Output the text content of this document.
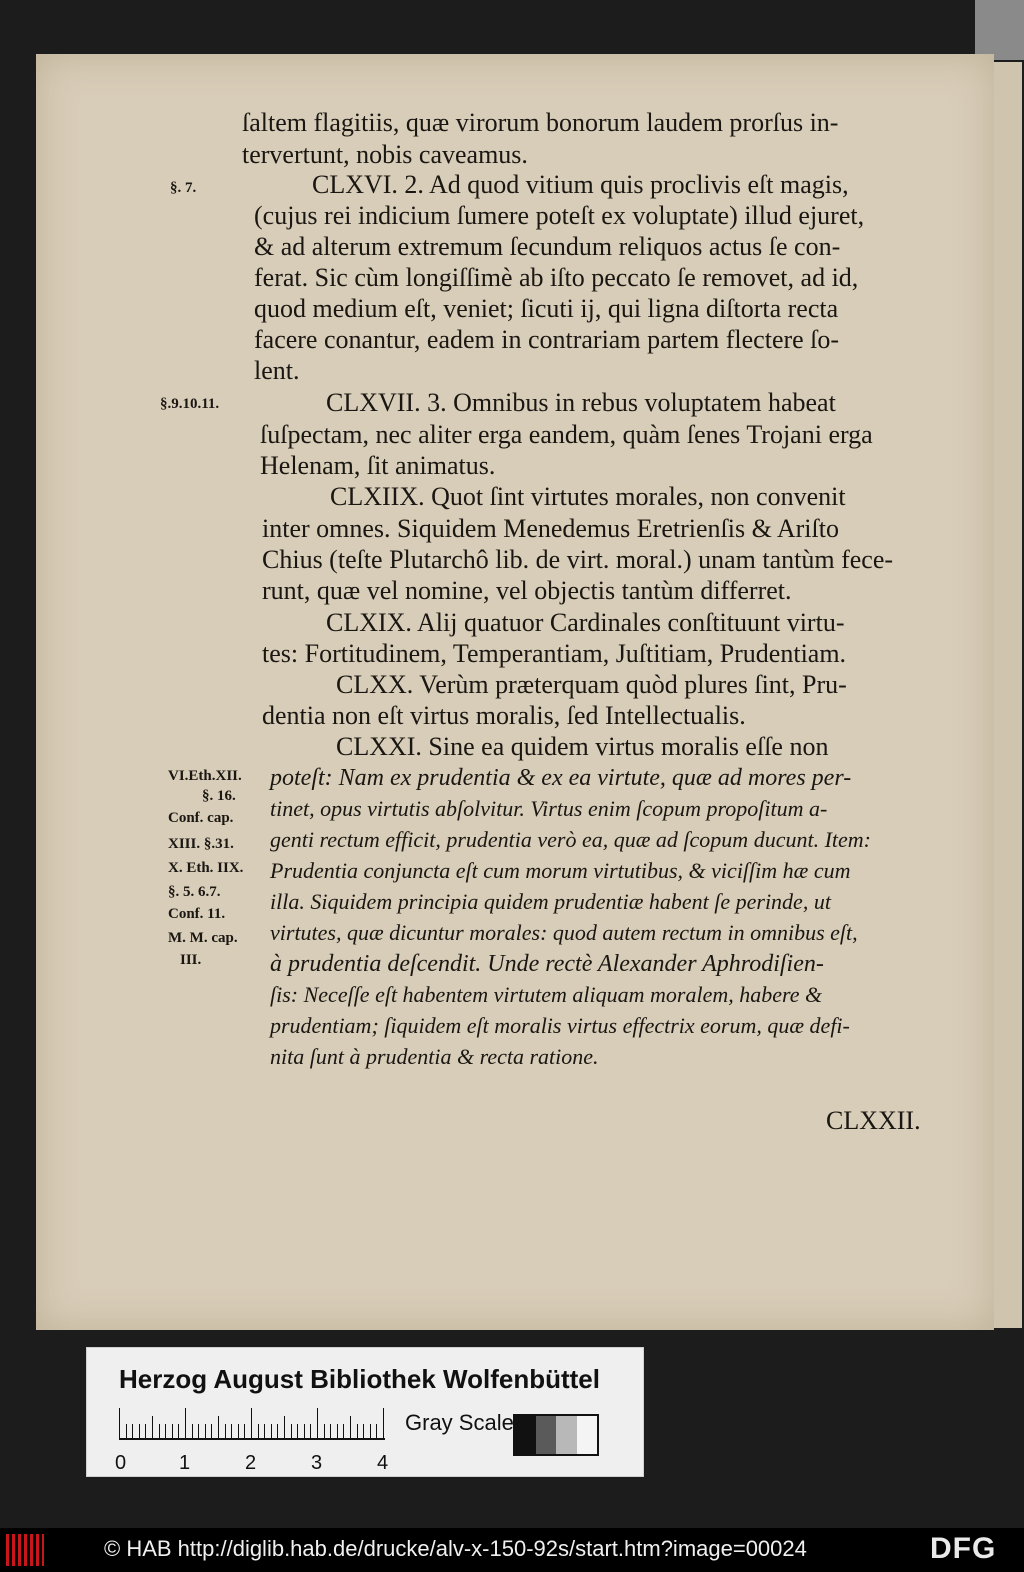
ſaltem flagitiis, quæ virorum bonorum laudem prorſus in-
tervertunt, nobis caveamus.
CLXVI. 2. Ad quod vitium quis proclivis eſt magis,
(cujus rei indicium ſumere poteſt ex voluptate) illud ejuret,
& ad alterum extremum ſecundum reliquos actus ſe con-
ferat. Sic cùm longiſſimè ab iſto peccato ſe removet, ad id,
quod medium eſt, veniet; ſicuti ij, qui ligna diſtorta recta
facere conantur, eadem in contrariam partem flectere ſo-
lent.
CLXVII. 3. Omnibus in rebus voluptatem habeat
ſuſpectam, nec aliter erga eandem, quàm ſenes Trojani erga
Helenam, ſit animatus.
CLXIIX. Quot ſint virtutes morales, non convenit
inter omnes. Siquidem Menedemus Eretrienſis & Ariſto
Chius (teſte Plutarchô lib. de virt. moral.) unam tantùm fece-
runt, quæ vel nomine, vel objectis tantùm differret.
CLXIX. Alij quatuor Cardinales conſtituunt virtu-
tes: Fortitudinem, Temperantiam, Juſtitiam, Prudentiam.
CLXX. Verùm præterquam quòd plures ſint, Pru-
dentia non eſt virtus moralis, ſed Intellectualis.
CLXXI. Sine ea quidem virtus moralis eſſe non
poteſt: Nam ex prudentia & ex ea virtute, quæ ad mores per-
tinet, opus virtutis abſolvitur. Virtus enim ſcopum propoſitum a-
genti rectum efficit, prudentia verò ea, quæ ad ſcopum ducunt. Item:
Prudentia conjuncta eſt cum morum virtutibus, & viciſſim hæ cum
illa. Siquidem principia quidem prudentiæ habent ſe perinde, ut
virtutes, quæ dicuntur morales: quod autem rectum in omnibus eſt,
à prudentia deſcendit. Unde rectè Alexander Aphrodiſien-
ſis: Neceſſe eſt habentem virtutem aliquam moralem, habere &
prudentiam; ſiquidem eſt moralis virtus effectrix eorum, quæ defi-
nita ſunt à prudentia & recta ratione.
§. 7.
§.9.10.11.
VI.Eth.XII.
§. 16.
Conf. cap.
XIII. §.31.
X. Eth. IIX.
§. 5. 6.7.
Conf. 11.
M. M. cap.
III.
CLXXII.
Herzog August Bibliothek Wolfenbüttel
0	1	2	3	4
Gray Scale
© HAB http://diglib.hab.de/drucke/alv-x-150-92s/start.htm?image=00024	DFG
